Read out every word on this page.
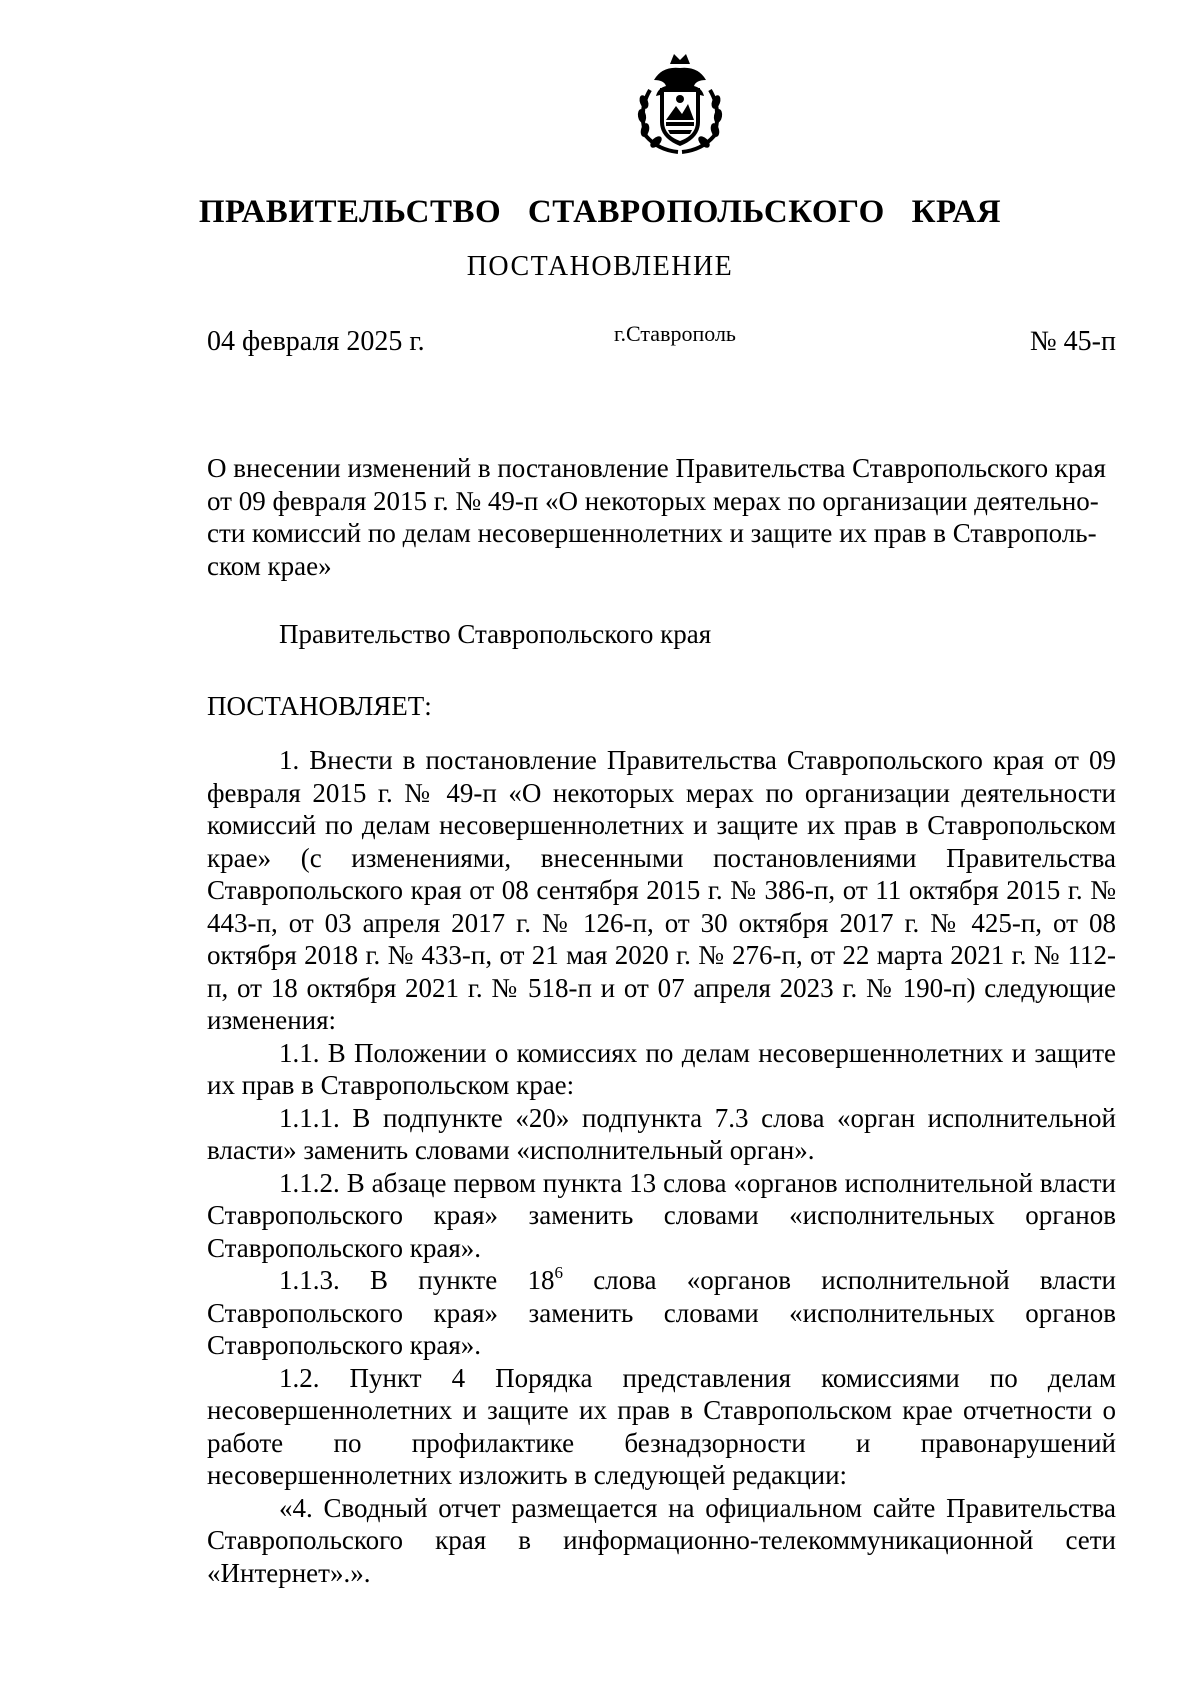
ПРАВИТЕЛЬСТВО СТАВРОПОЛЬСКОГО КРАЯ
ПОСТАНОВЛЕНИЕ
04 февраля 2025 г.	г.Ставрополь	№ 45-п
О внесении изменений в постановление Правительства Ставропольского края
от 09 февраля 2015 г. № 49-п «О некоторых мерах по организации деятельно-
сти комиссий по делам несовершеннолетних и защите их прав в Ставрополь-
ском крае»
Правительство Ставропольского края
ПОСТАНОВЛЯЕТ:

1. Внести в постановление Правительства Ставропольского края от 09 февраля 2015 г. № 49-п «О некоторых мерах по организации деятельности комиссий по делам несовершеннолетних и защите их прав в Ставропольском крае» (с изменениями, внесенными постановлениями Правительства Ставропольского края от 08 сентября 2015 г. № 386-п, от 11 октября 2015 г. № 443-п, от 03 апреля 2017 г. № 126-п, от 30 октября 2017 г. № 425-п, от 08 октября 2018 г. № 433-п, от 21 мая 2020 г. № 276-п, от 22 марта 2021 г. № 112-п, от 18 октября 2021 г. № 518-п и от 07 апреля 2023 г. № 190-п) следующие изменения:

1.1. В Положении о комиссиях по делам несовершеннолетних и защите их прав в Ставропольском крае:

1.1.1. В подпункте «20» подпункта 7.3 слова «орган исполнительной власти» заменить словами «исполнительный орган».

1.1.2. В абзаце первом пункта 13 слова «органов исполнительной власти Ставропольского края» заменить словами «исполнительных органов Ставропольского края».

1.1.3. В пункте $18^6$ слова «органов исполнительной власти Ставропольского края» заменить словами «исполнительных органов Ставропольского края».

1.2. Пункт 4 Порядка представления комиссиями по делам несовершеннолетних и защите их прав в Ставропольском крае отчетности о работе по профилактике безнадзорности и правонарушений несовершеннолетних изложить в следующей редакции:

«4. Сводный отчет размещается на официальном сайте Правительства Ставропольского края в информационно-телекоммуникационной сети «Интернет».».
